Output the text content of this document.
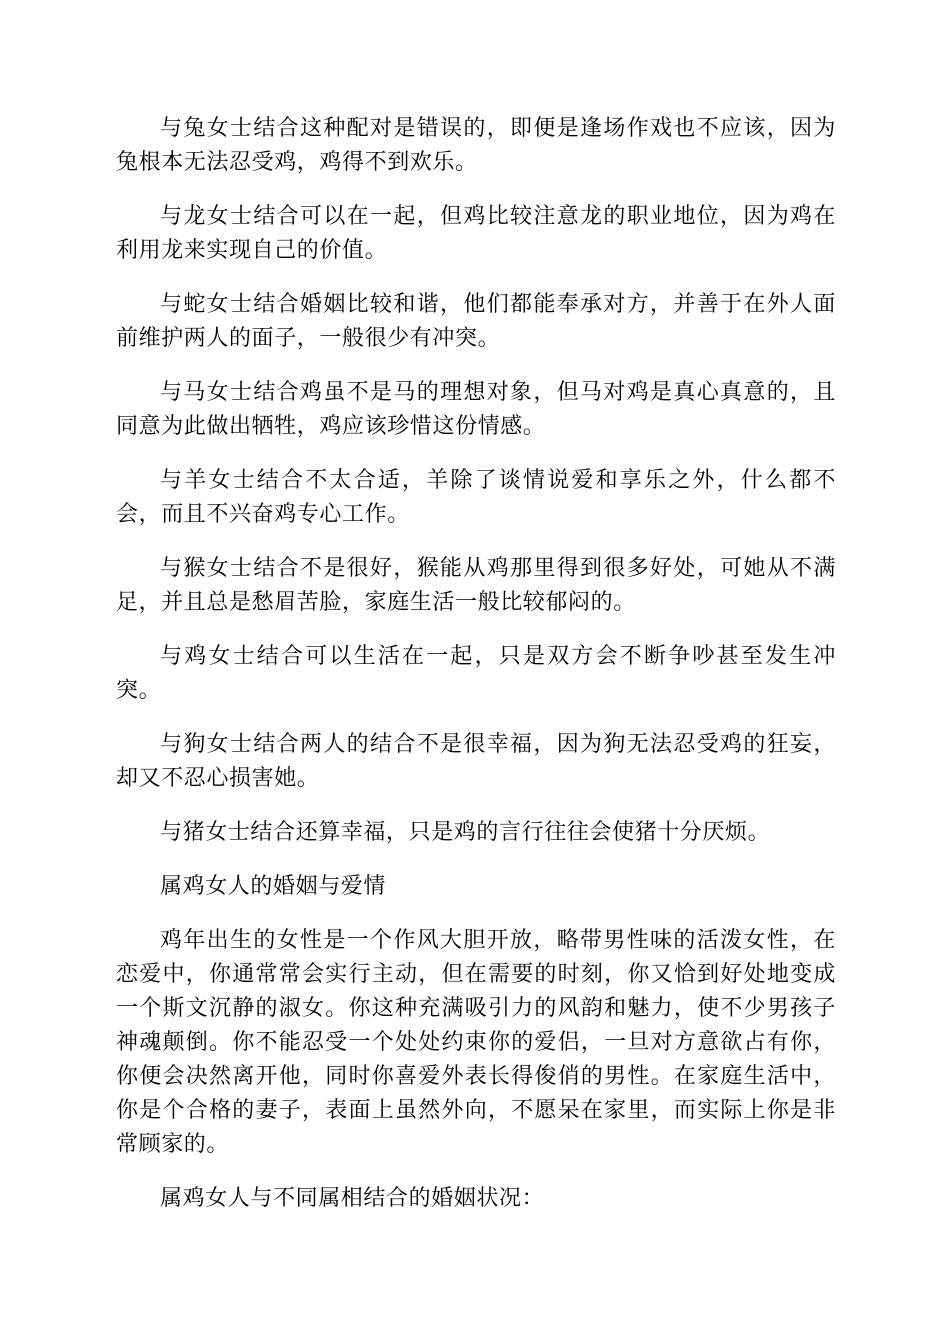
与兔女士结合这种配对是错误的，即便是逢场作戏也不应该，因为兔根本无法忍受鸡，鸡得不到欢乐。

与龙女士结合可以在一起，但鸡比较注意龙的职业地位，因为鸡在利用龙来实现自己的价值。

与蛇女士结合婚姻比较和谐，他们都能奉承对方，并善于在外人面前维护两人的面子，一般很少有冲突。

与马女士结合鸡虽不是马的理想对象，但马对鸡是真心真意的，且同意为此做出牺牲，鸡应该珍惜这份情感。

与羊女士结合不太合适，羊除了谈情说爱和享乐之外，什么都不会，而且不兴奋鸡专心工作。

与猴女士结合不是很好，猴能从鸡那里得到很多好处，可她从不满足，并且总是愁眉苦脸，家庭生活一般比较郁闷的。

与鸡女士结合可以生活在一起，只是双方会不断争吵甚至发生冲突。

与狗女士结合两人的结合不是很幸福，因为狗无法忍受鸡的狂妄，却又不忍心损害她。

与猪女士结合还算幸福，只是鸡的言行往往会使猪十分厌烦。

属鸡女人的婚姻与爱情

鸡年出生的女性是一个作风大胆开放，略带男性味的活泼女性，在恋爱中，你通常常会实行主动，但在需要的时刻，你又恰到好处地变成一个斯文沉静的淑女。你这种充满吸引力的风韵和魅力，使不少男孩子神魂颠倒。你不能忍受一个处处约束你的爱侣，一旦对方意欲占有你，你便会决然离开他，同时你喜爱外表长得俊俏的男性。在家庭生活中，你是个合格的妻子，表面上虽然外向，不愿呆在家里，而实际上你是非常顾家的。

属鸡女人与不同属相结合的婚姻状况：
